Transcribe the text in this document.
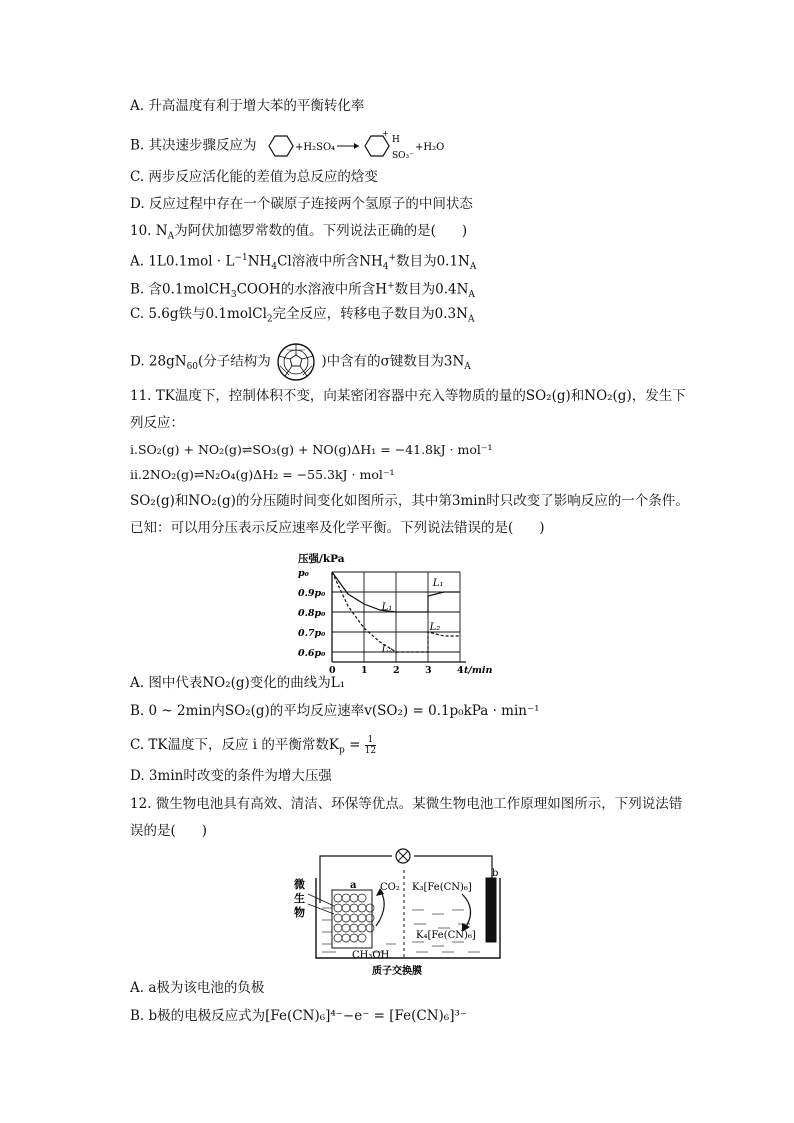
A. 升高温度有利于增大苯的平衡转化率
B. 其决速步骤反应为	+H₂SO₄
+
H
SO₃⁻
+H₂O
C. 两步反应活化能的差值为总反应的焓变
D. 反应过程中存在一个碳原子连接两个氢原子的中间状态
10. $N_A$为阿伏加德罗常数的值。下列说法正确的是( )
A. $1L0.1mol \cdot L^{-1}NH_4Cl$溶液中所含$NH_4^+$数目为$0.1N_A$
B. 含0.1molCH$_3$COOH的水溶液中所含H+数目为$0.4N_A$
C. 5.6g铁与0.1molCl$_2$完全反应，转移电子数目为$0.3N_A$
D. $28gN_{60}$(分子结构为	)中含有的σ键数目为$3N_A$
11. TK温度下，控制体积不变，向某密闭容器中充入等物质的量的SO₂(g)和NO₂(g)，发生下
列反应：
i.SO₂(g) + NO₂(g)⇌SO₃(g) + NO(g)ΔH₁ = −41.8kJ · mol⁻¹
ii.2NO₂(g)⇌N₂O₄(g)ΔH₂ = −55.3kJ · mol⁻¹
SO₂(g)和NO₂(g)的分压随时间变化如图所示，其中第3min时只改变了影响反应的一个条件。
已知：可以用分压表示反应速率及化学平衡。下列说法错误的是( )
压强/kPa
0	1	2	3	4 t/min
p₀
0.9p₀
0.8p₀
0.7p₀
0.6p₀
L₁
L₁
L₂
L₂
A. 图中代表NO₂(g)变化的曲线为L₁
B. 0 ~ 2min内SO₂(g)的平均反应速率v(SO₂) = 0.1p₀kPa · min⁻¹
C. TK温度下，反应 i 的平衡常数$K_p = \frac{1}{12}$
D. 3min时改变的条件为增大压强
12. 微生物电池具有高效、清洁、环保等优点。某微生物电池工作原理如图所示，下列说法错
误的是( )
微
生
物
a CO₂
CH₃OH
K₃[Fe(CN)₆]
K₄[Fe(CN)₆]
b
质子交换膜
A. a极为该电池的负极
B. b极的电极反应式为[Fe(CN)₆]⁴⁻−e⁻ = [Fe(CN)₆]³⁻
